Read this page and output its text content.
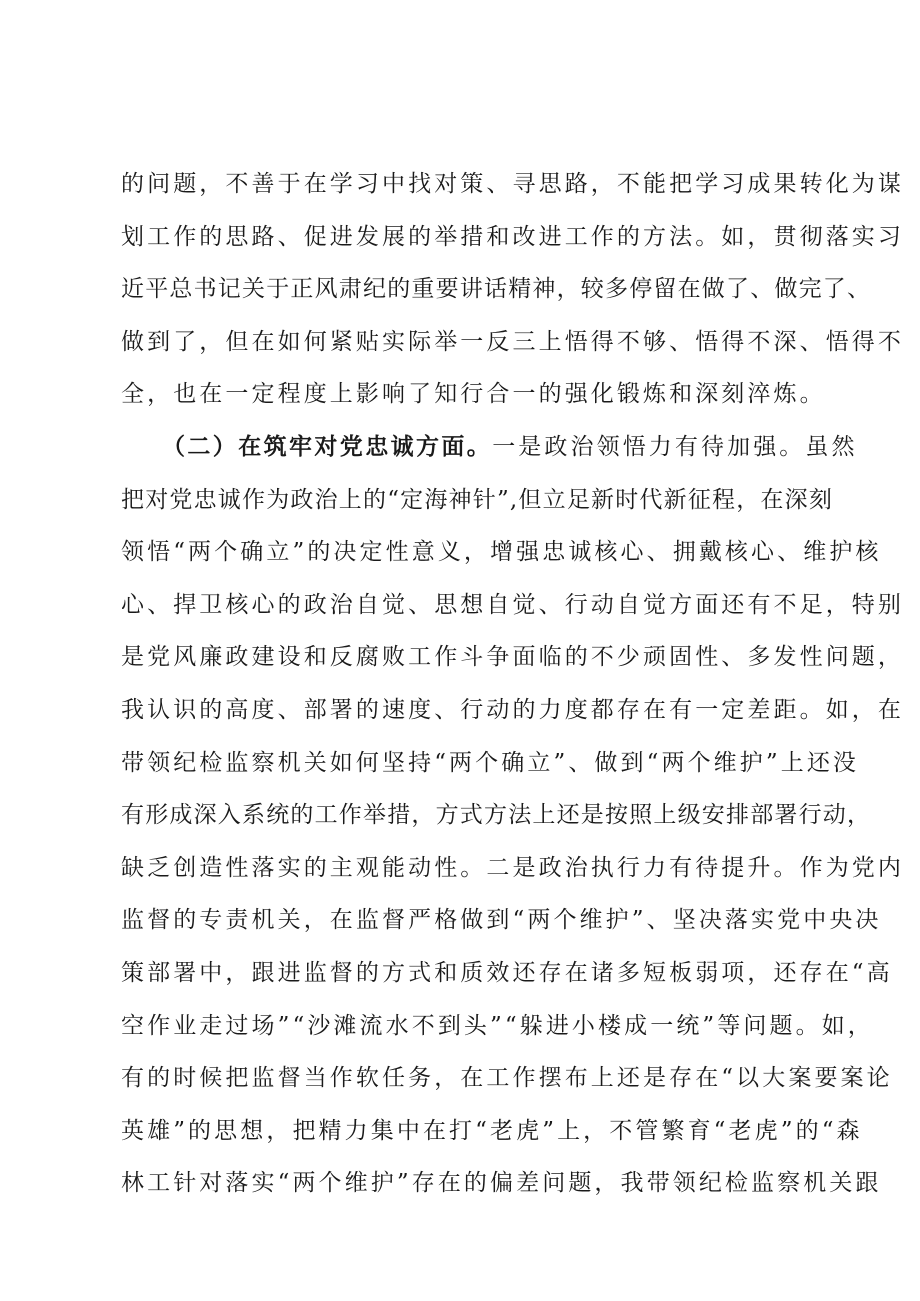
的问题，不善于在学习中找对策、寻思路，不能把学习成果转化为谋
划工作的思路、促进发展的举措和改进工作的方法。如，贯彻落实习
近平总书记关于正风肃纪的重要讲话精神，较多停留在做了、做完了、
做到了，但在如何紧贴实际举一反三上悟得不够、悟得不深、悟得不
全，也在一定程度上影响了知行合一的强化锻炼和深刻淬炼。
（二）在筑牢对党忠诚方面。一是政治领悟力有待加强。虽然
把对党忠诚作为政治上的“定海神针”,但立足新时代新征程，在深刻
领悟“两个确立”的决定性意义，增强忠诚核心、拥戴核心、维护核
心、捍卫核心的政治自觉、思想自觉、行动自觉方面还有不足，特别
是党风廉政建设和反腐败工作斗争面临的不少顽固性、多发性问题，
我认识的高度、部署的速度、行动的力度都存在有一定差距。如，在
带领纪检监察机关如何坚持“两个确立”、做到“两个维护”上还没
有形成深入系统的工作举措，方式方法上还是按照上级安排部署行动，
缺乏创造性落实的主观能动性。二是政治执行力有待提升。作为党内
监督的专责机关，在监督严格做到“两个维护”、坚决落实党中央决
策部署中，跟进监督的方式和质效还存在诸多短板弱项，还存在“高
空作业走过场”“沙滩流水不到头”“躲进小楼成一统”等问题。如，
有的时候把监督当作软任务，在工作摆布上还是存在“以大案要案论
英雄”的思想，把精力集中在打“老虎”上，不管繁育“老虎”的“森
林工针对落实“两个维护”存在的偏差问题，我带领纪检监察机关跟
